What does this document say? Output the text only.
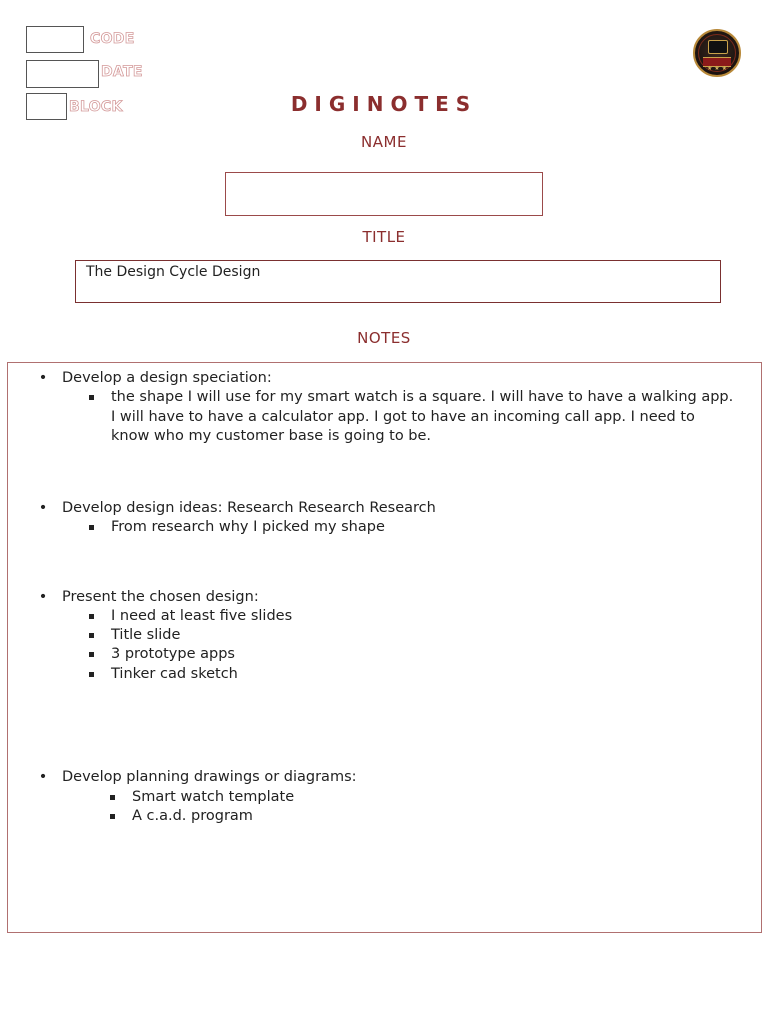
CODE
DATE
BLOCK
★ ★ ★
DIGINOTES
NAME
TITLE
The Design Cycle Design
NOTES
• Develop a design speciation:
the shape I will use for my smart watch is a square. I will have to have a walking app. I will have to have a calculator app. I got to have an incoming call app. I need to know who my customer base is going to be.
• Develop design ideas: Research Research Research
From research why I picked my shape
• Present the chosen design:
I need at least five slides
Title slide
3 prototype apps
Tinker cad sketch
• Develop planning drawings or diagrams:
Smart watch template
A c.a.d. program
